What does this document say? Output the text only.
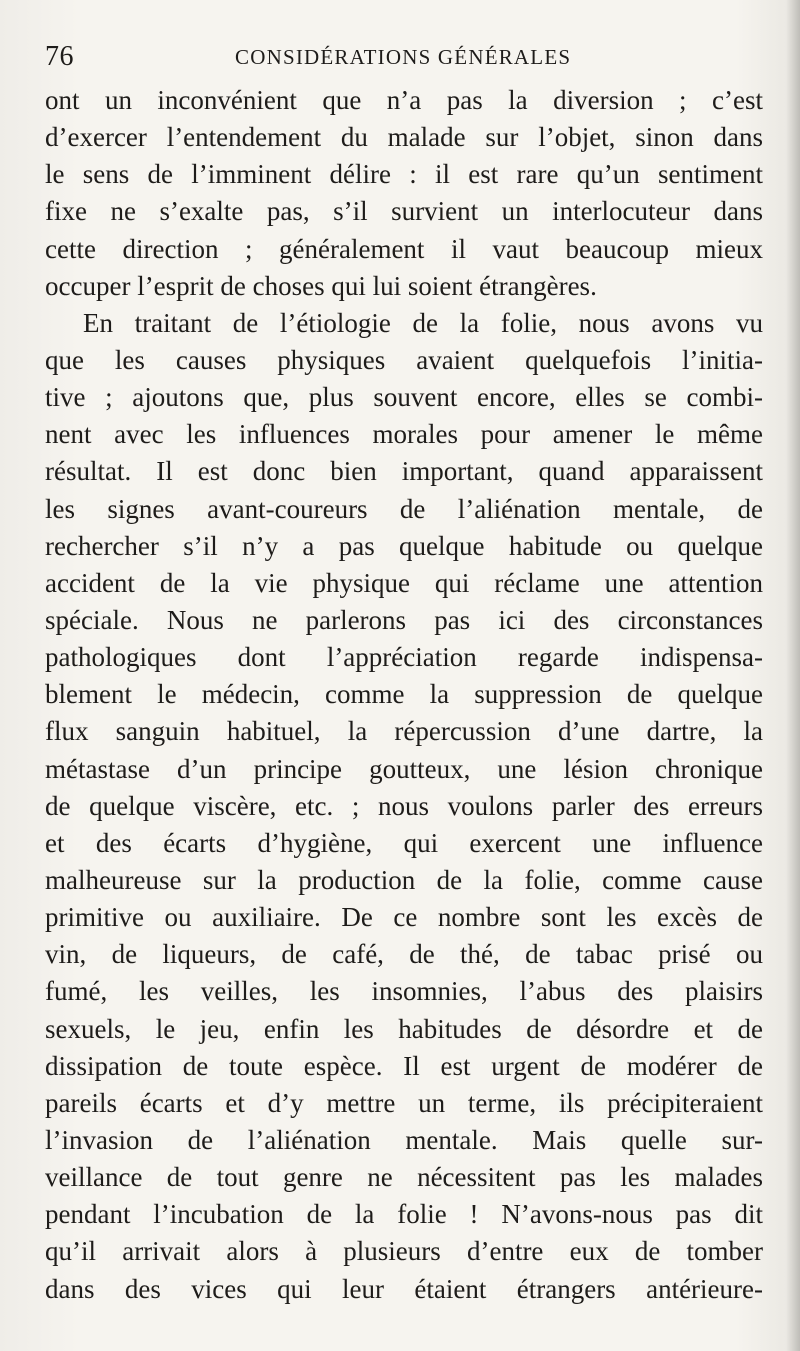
76	CONSIDÉRATIONS GÉNÉRALES
ont un inconvénient que n’a pas la diversion ; c’est
d’exercer l’entendement du malade sur l’objet, sinon dans
le sens de l’imminent délire : il est rare qu’un sentiment
fixe ne s’exalte pas, s’il survient un interlocuteur dans
cette direction ; généralement il vaut beaucoup mieux
occuper l’esprit de choses qui lui soient étrangères.
En traitant de l’étiologie de la folie, nous avons vu
que les causes physiques avaient quelquefois l’initia-
tive ; ajoutons que, plus souvent encore, elles se combi-
nent avec les influences morales pour amener le même
résultat. Il est donc bien important, quand apparaissent
les signes avant-coureurs de l’aliénation mentale, de
rechercher s’il n’y a pas quelque habitude ou quelque
accident de la vie physique qui réclame une attention
spéciale. Nous ne parlerons pas ici des circonstances
pathologiques dont l’appréciation regarde indispensa-
blement le médecin, comme la suppression de quelque
flux sanguin habituel, la répercussion d’une dartre, la
métastase d’un principe goutteux, une lésion chronique
de quelque viscère, etc. ; nous voulons parler des erreurs
et des écarts d’hygiène, qui exercent une influence
malheureuse sur la production de la folie, comme cause
primitive ou auxiliaire. De ce nombre sont les excès de
vin, de liqueurs, de café, de thé, de tabac prisé ou
fumé, les veilles, les insomnies, l’abus des plaisirs
sexuels, le jeu, enfin les habitudes de désordre et de
dissipation de toute espèce. Il est urgent de modérer de
pareils écarts et d’y mettre un terme, ils précipiteraient
l’invasion de l’aliénation mentale. Mais quelle sur-
veillance de tout genre ne nécessitent pas les malades
pendant l’incubation de la folie ! N’avons-nous pas dit
qu’il arrivait alors à plusieurs d’entre eux de tomber
dans des vices qui leur étaient étrangers antérieure-
